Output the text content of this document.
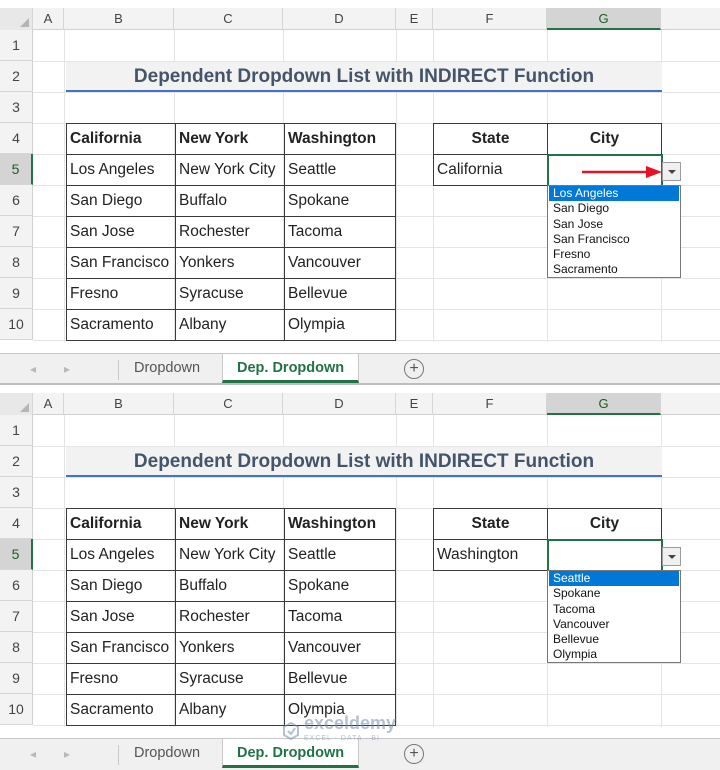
A	B	C	D	E	F	G
1
2
3
4
5
6
7
8
9
10
Dependent Dropdown List with INDIRECT Function
California	New York	Washington
Los Angeles	New York City	Seattle
San Diego	Buffalo	Spokane
San Jose	Rochester	Tacoma
San Francisco	Yonkers	Vancouver
Fresno	Syracuse	Bellevue
Sacramento	Albany	Olympia
State	City
California	
Los Angeles
San Diego
San Jose
San Francisco
Fresno
Sacramento
◂ ▸	Dropdown	Dep. Dropdown	+
A	B	C	D	E	F	G
1
2
3
4
5
6
7
8
9
10
Dependent Dropdown List with INDIRECT Function
California	New York	Washington
Los Angeles	New York City	Seattle
San Diego	Buffalo	Spokane
San Jose	Rochester	Tacoma
San Francisco	Yonkers	Vancouver
Fresno	Syracuse	Bellevue
Sacramento	Albany	Olympia
State	City
Washington	
Seattle
Spokane
Tacoma
Vancouver
Bellevue
Olympia
◂ ▸	Dropdown	Dep. Dropdown	+
exceldemy
EXCEL · DATA · BI
